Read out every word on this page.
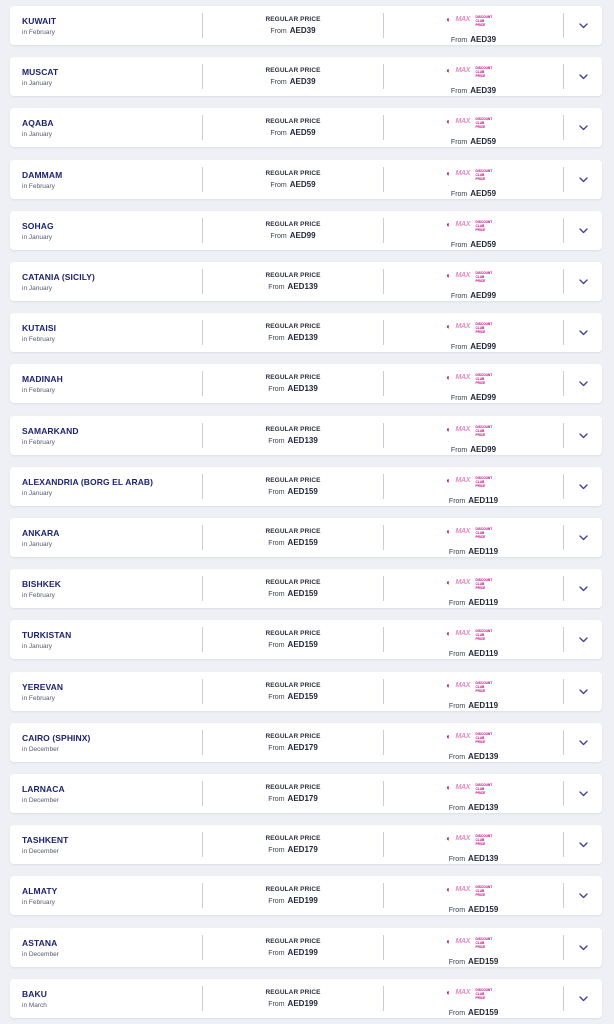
KUWAIT
in February
REGULAR PRICE
From AED39
◖ MAX DISCOUNT
CLUB
PRICE
From AED39
MUSCAT
in January
REGULAR PRICE
From AED39
◖ MAX DISCOUNT
CLUB
PRICE
From AED39
AQABA
in January
REGULAR PRICE
From AED59
◖ MAX DISCOUNT
CLUB
PRICE
From AED59
DAMMAM
in February
REGULAR PRICE
From AED59
◖ MAX DISCOUNT
CLUB
PRICE
From AED59
SOHAG
in January
REGULAR PRICE
From AED99
◖ MAX DISCOUNT
CLUB
PRICE
From AED59
CATANIA (SICILY)
in January
REGULAR PRICE
From AED139
◖ MAX DISCOUNT
CLUB
PRICE
From AED99
KUTAISI
in February
REGULAR PRICE
From AED139
◖ MAX DISCOUNT
CLUB
PRICE
From AED99
MADINAH
in February
REGULAR PRICE
From AED139
◖ MAX DISCOUNT
CLUB
PRICE
From AED99
SAMARKAND
in February
REGULAR PRICE
From AED139
◖ MAX DISCOUNT
CLUB
PRICE
From AED99
ALEXANDRIA (BORG EL ARAB)
in January
REGULAR PRICE
From AED159
◖ MAX DISCOUNT
CLUB
PRICE
From AED119
ANKARA
in January
REGULAR PRICE
From AED159
◖ MAX DISCOUNT
CLUB
PRICE
From AED119
BISHKEK
in February
REGULAR PRICE
From AED159
◖ MAX DISCOUNT
CLUB
PRICE
From AED119
TURKISTAN
in January
REGULAR PRICE
From AED159
◖ MAX DISCOUNT
CLUB
PRICE
From AED119
YEREVAN
in February
REGULAR PRICE
From AED159
◖ MAX DISCOUNT
CLUB
PRICE
From AED119
CAIRO (SPHINX)
in December
REGULAR PRICE
From AED179
◖ MAX DISCOUNT
CLUB
PRICE
From AED139
LARNACA
in December
REGULAR PRICE
From AED179
◖ MAX DISCOUNT
CLUB
PRICE
From AED139
TASHKENT
in December
REGULAR PRICE
From AED179
◖ MAX DISCOUNT
CLUB
PRICE
From AED139
ALMATY
in February
REGULAR PRICE
From AED199
◖ MAX DISCOUNT
CLUB
PRICE
From AED159
ASTANA
in December
REGULAR PRICE
From AED199
◖ MAX DISCOUNT
CLUB
PRICE
From AED159
BAKU
in March
REGULAR PRICE
From AED199
◖ MAX DISCOUNT
CLUB
PRICE
From AED159
